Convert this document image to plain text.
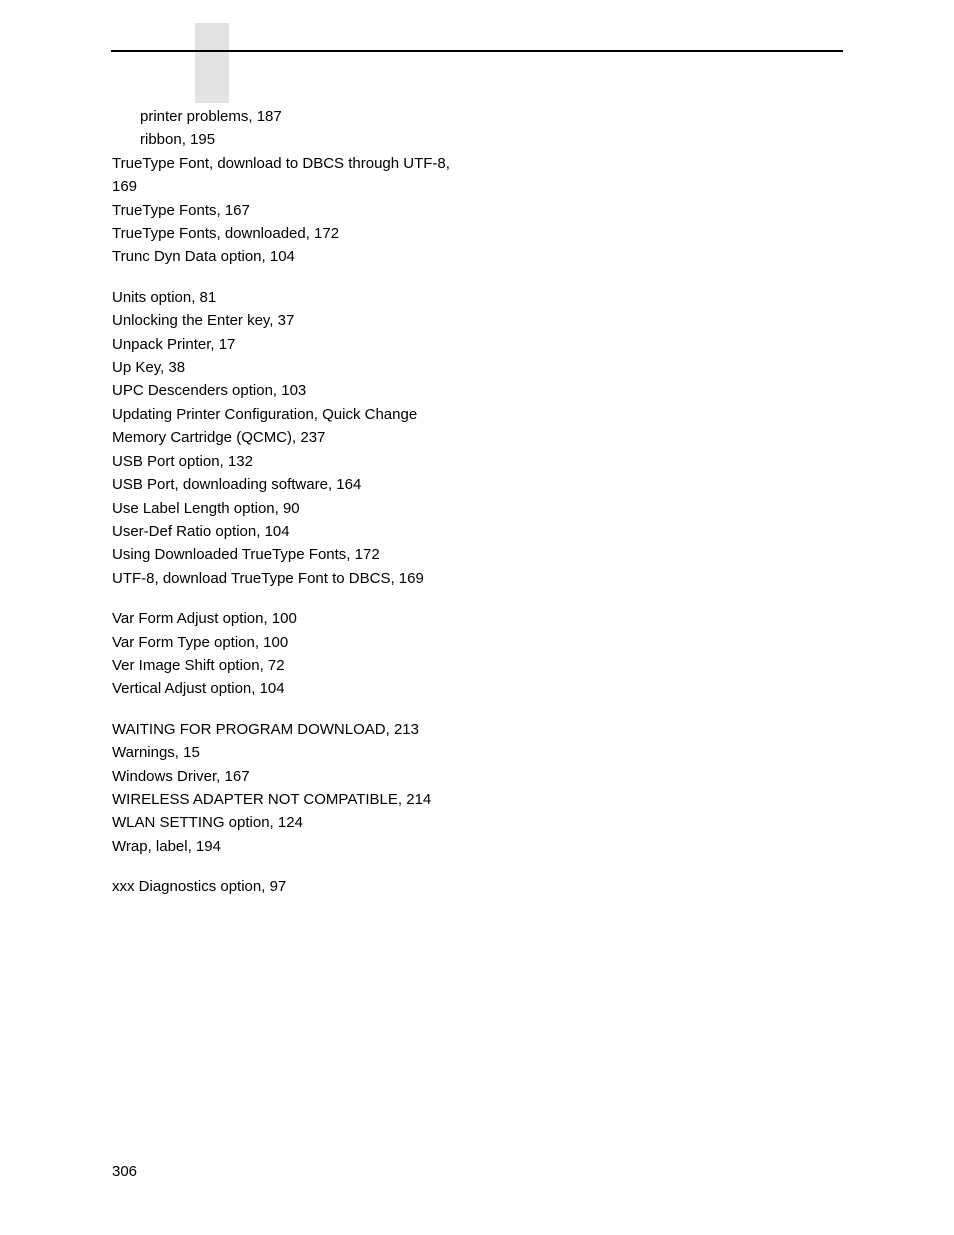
printer problems, 187
ribbon, 195
TrueType Font, download to DBCS through UTF-8,
169
TrueType Fonts, 167
TrueType Fonts, downloaded, 172
Trunc Dyn Data option, 104
Units option, 81
Unlocking the Enter key, 37
Unpack Printer, 17
Up Key, 38
UPC Descenders option, 103
Updating Printer Configuration, Quick Change
Memory Cartridge (QCMC), 237
USB Port option, 132
USB Port, downloading software, 164
Use Label Length option, 90
User-Def Ratio option, 104
Using Downloaded TrueType Fonts, 172
UTF-8, download TrueType Font to DBCS, 169
Var Form Adjust option, 100
Var Form Type option, 100
Ver Image Shift option, 72
Vertical Adjust option, 104
WAITING FOR PROGRAM DOWNLOAD, 213
Warnings, 15
Windows Driver, 167
WIRELESS ADAPTER NOT COMPATIBLE, 214
WLAN SETTING option, 124
Wrap, label, 194
xxx Diagnostics option, 97
306
